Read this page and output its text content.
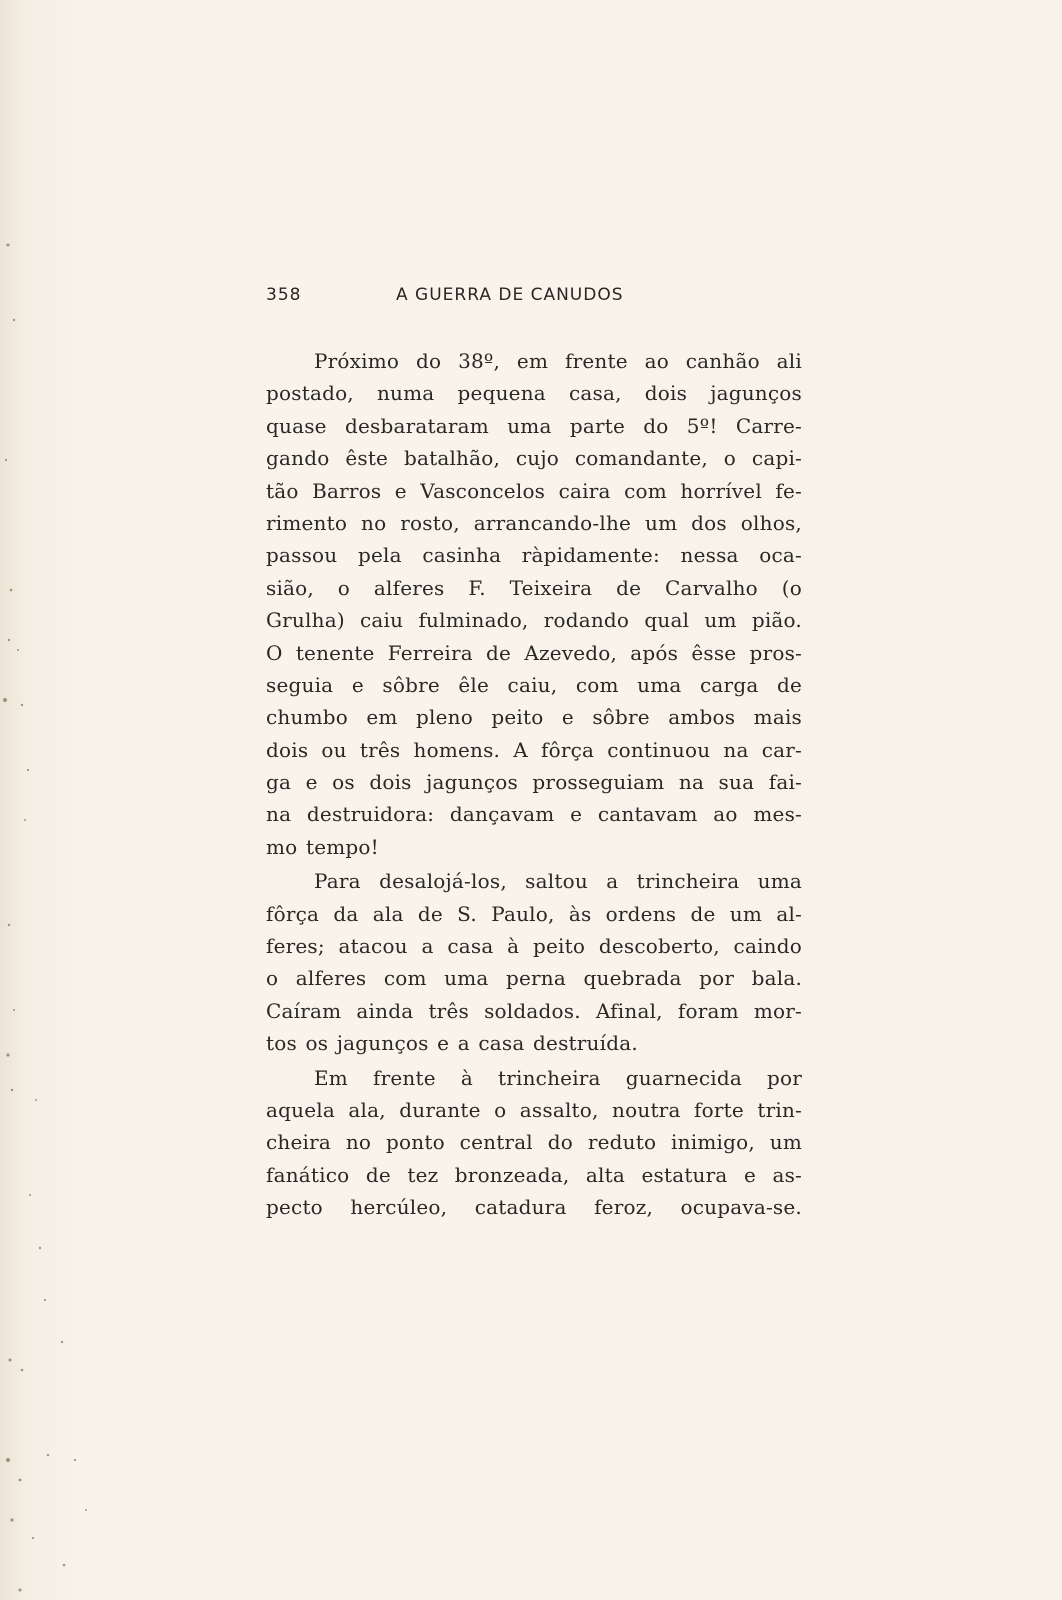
358	A GUERRA DE CANUDOS
Próximo do 38º, em frente ao canhão ali
postado, numa pequena casa, dois jagunços
quase desbarataram uma parte do 5º! Carre-
gando êste batalhão, cujo comandante, o capi-
tão Barros e Vasconcelos caira com horrível fe-
rimento no rosto, arrancando-lhe um dos olhos,
passou pela casinha ràpidamente: nessa oca-
sião, o alferes F. Teixeira de Carvalho (o
Grulha) caiu fulminado, rodando qual um pião.
O tenente Ferreira de Azevedo, após êsse pros-
seguia e sôbre êle caiu, com uma carga de
chumbo em pleno peito e sôbre ambos mais
dois ou três homens. A fôrça continuou na car-
ga e os dois jagunços prosseguiam na sua fai-
na destruidora: dançavam e cantavam ao mes-
mo tempo!
Para desalojá-los, saltou a trincheira uma
fôrça da ala de S. Paulo, às ordens de um al-
feres; atacou a casa à peito descoberto, caindo
o alferes com uma perna quebrada por bala.
Caíram ainda três soldados. Afinal, foram mor-
tos os jagunços e a casa destruída.
Em frente à trincheira guarnecida por
aquela ala, durante o assalto, noutra forte trin-
cheira no ponto central do reduto inimigo, um
fanático de tez bronzeada, alta estatura e as-
pecto hercúleo, catadura feroz, ocupava-se.
